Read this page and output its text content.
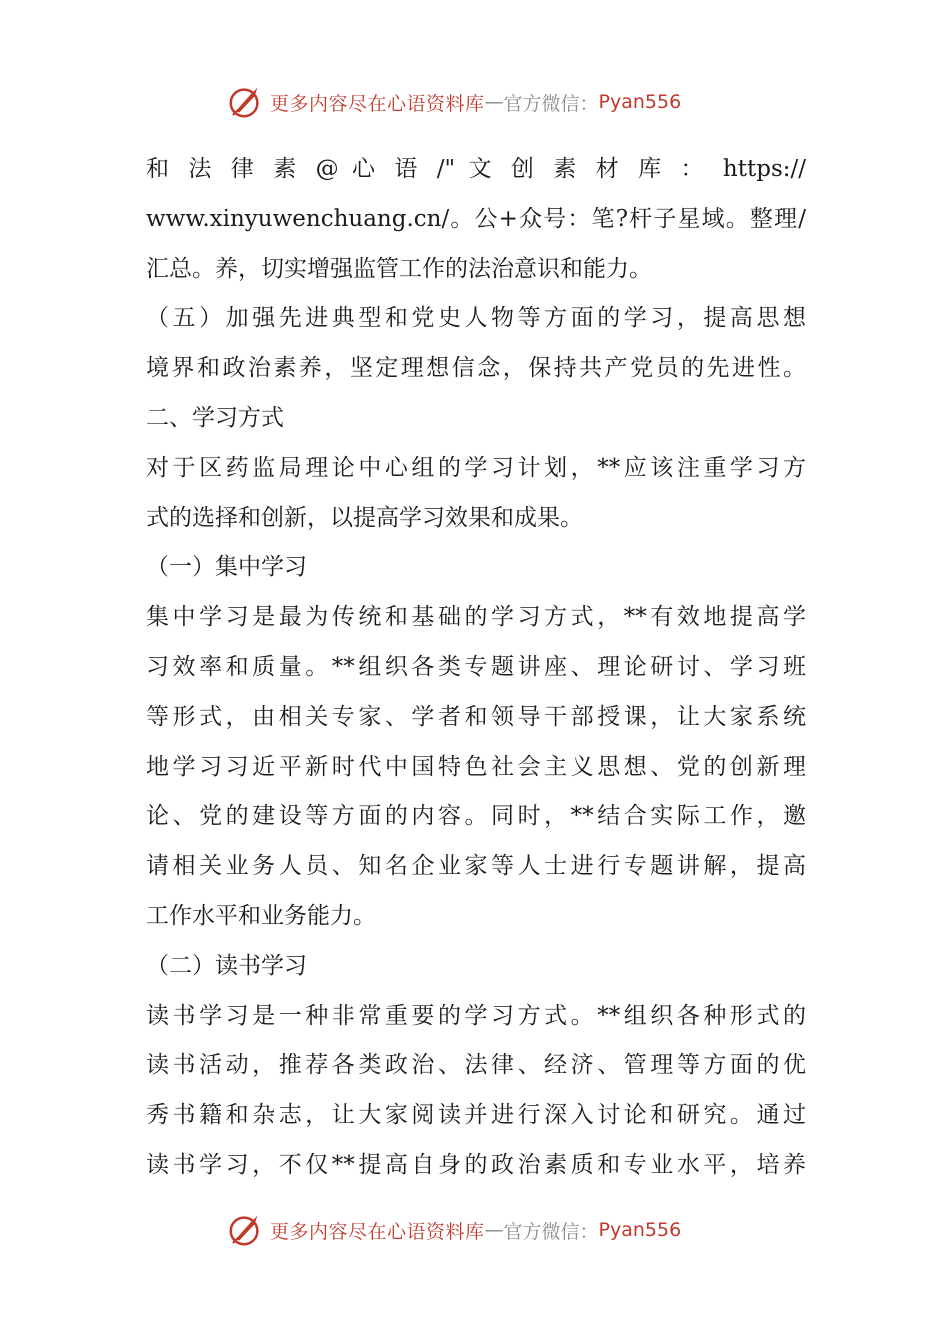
更多内容尽在心语资料库 — 官方微信： Pyan556
和 法 律 素 @ 心 语 /" 文 创 素 材 库 ： https://
www.xinyuwenchuang.cn/。公+众号：笔?杆子星域。整理/
汇总。养，切实增强监管工作的法治意识和能力。
（五）加强先进典型和党史人物等方面的学习，提高思想
境界和政治素养，坚定理想信念，保持共产党员的先进性。
二、学习方式
对于区药监局理论中心组的学习计划，**应该注重学习方
式的选择和创新，以提高学习效果和成果。
（一）集中学习
集中学习是最为传统和基础的学习方式，**有效地提高学
习效率和质量。**组织各类专题讲座、理论研讨、学习班
等形式，由相关专家、学者和领导干部授课，让大家系统
地学习习近平新时代中国特色社会主义思想、党的创新理
论、党的建设等方面的内容。同时，**结合实际工作，邀
请相关业务人员、知名企业家等人士进行专题讲解，提高
工作水平和业务能力。
（二）读书学习
读书学习是一种非常重要的学习方式。**组织各种形式的
读书活动，推荐各类政治、法律、经济、管理等方面的优
秀书籍和杂志，让大家阅读并进行深入讨论和研究。通过
读书学习，不仅**提高自身的政治素质和专业水平，培养
更多内容尽在心语资料库 — 官方微信： Pyan556
